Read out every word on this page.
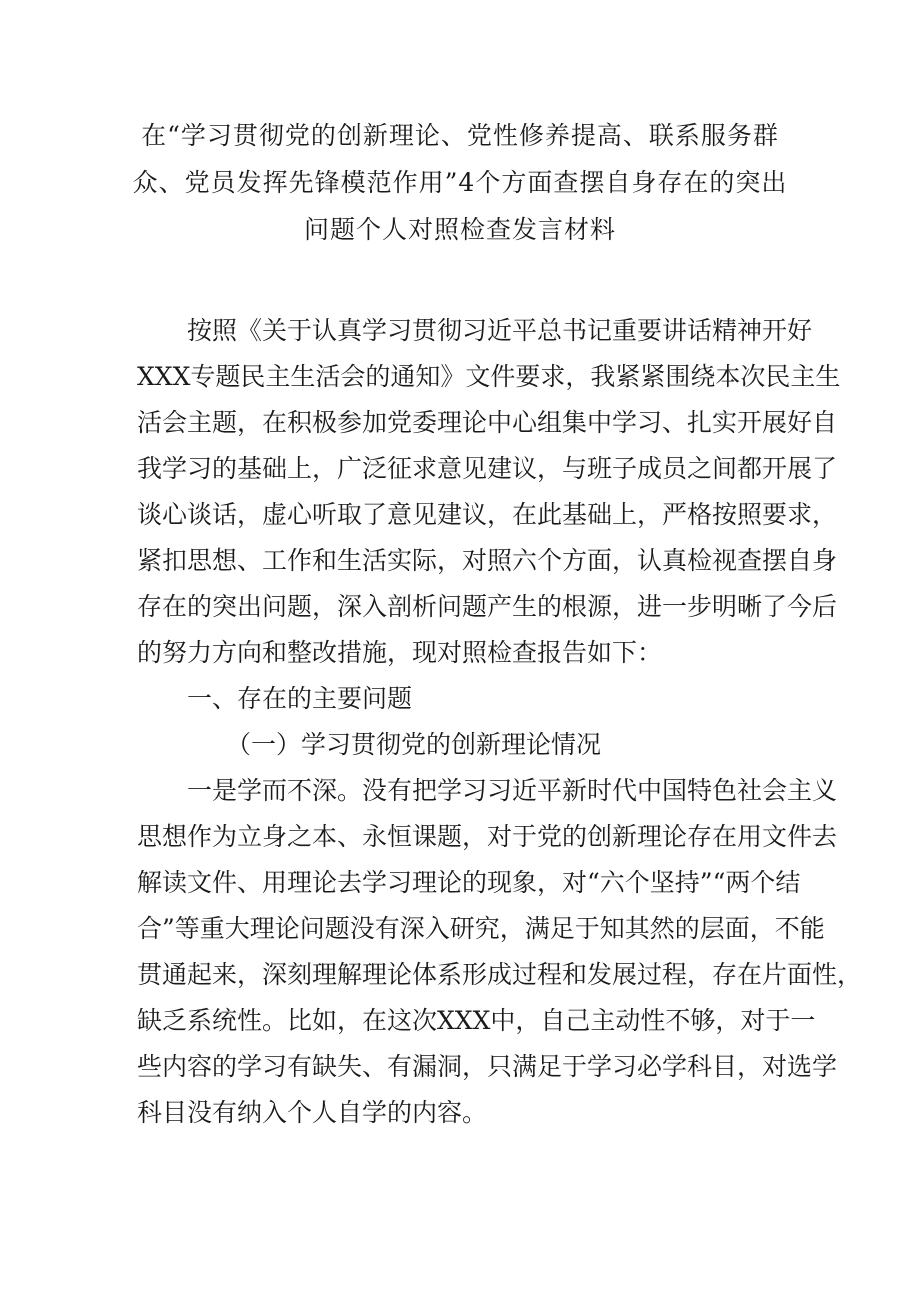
在“学习贯彻党的创新理论、党性修养提高、联系服务群
众、党员发挥先锋模范作用”4个方面查摆自身存在的突出
问题个人对照检查发言材料
按照《关于认真学习贯彻习近平总书记重要讲话精神开好
XXX专题民主生活会的通知》文件要求，我紧紧围绕本次民主生
活会主题，在积极参加党委理论中心组集中学习、扎实开展好自
我学习的基础上，广泛征求意见建议，与班子成员之间都开展了
谈心谈话，虚心听取了意见建议，在此基础上，严格按照要求，
紧扣思想、工作和生活实际，对照六个方面，认真检视查摆自身
存在的突出问题，深入剖析问题产生的根源，进一步明晰了今后
的努力方向和整改措施，现对照检查报告如下：
一、存在的主要问题
（一）学习贯彻党的创新理论情况
一是学而不深。没有把学习习近平新时代中国特色社会主义
思想作为立身之本、永恒课题，对于党的创新理论存在用文件去
解读文件、用理论去学习理论的现象，对“六个坚持”“两个结
合”等重大理论问题没有深入研究，满足于知其然的层面，不能
贯通起来，深刻理解理论体系形成过程和发展过程，存在片面性，
缺乏系统性。比如，在这次XXX中，自己主动性不够，对于一
些内容的学习有缺失、有漏洞，只满足于学习必学科目，对选学
科目没有纳入个人自学的内容。
